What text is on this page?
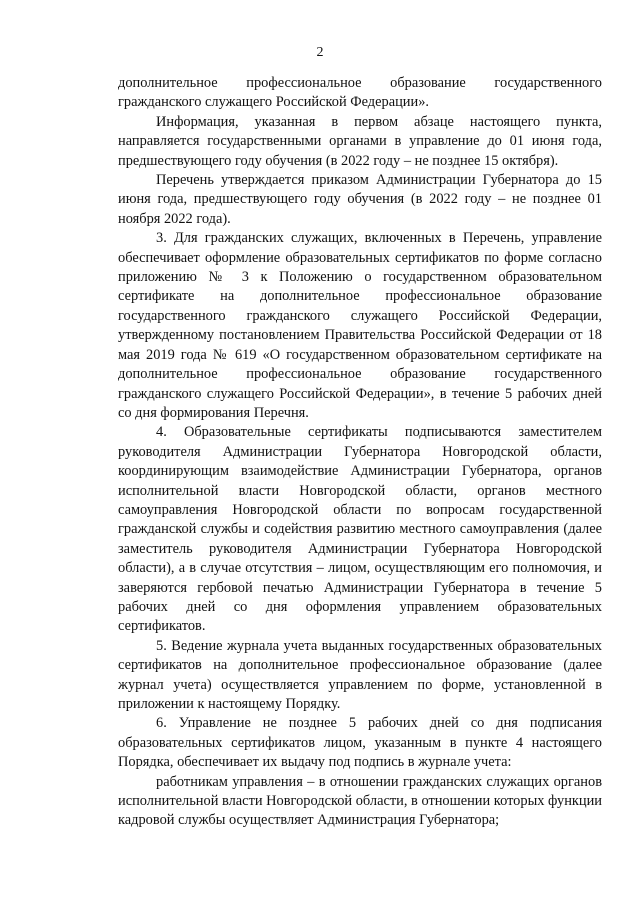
2

дополнительное профессиональное образование государственного гражданского служащего Российской Федерации».

Информация, указанная в первом абзаце настоящего пункта, направляется государственными органами в управление до 01 июня года, предшествующего году обучения (в 2022 году – не позднее 15 октября).

Перечень утверждается приказом Администрации Губернатора до 15 июня года, предшествующего году обучения (в 2022 году – не позднее 01 ноября 2022 года).

3. Для гражданских служащих, включенных в Перечень, управление обеспечивает оформление образовательных сертификатов по форме согласно приложению № 3 к Положению о государственном образовательном сертификате на дополнительное профессиональное образование государственного гражданского служащего Российской Федерации, утвержденному постановлением Правительства Российской Федерации от 18 мая 2019 года № 619 «О государственном образовательном сертификате на дополнительное профессиональное образование государственного гражданского служащего Российской Федерации», в течение 5 рабочих дней со дня формирования Перечня.

4. Образовательные сертификаты подписываются заместителем руководителя Администрации Губернатора Новгородской области, координирующим взаимодействие Администрации Губернатора, органов исполнительной власти Новгородской области, органов местного самоуправления Новгородской области по вопросам государственной гражданской службы и содействия развитию местного самоуправления (далее заместитель руководителя Администрации Губернатора Новгородской области), а в случае отсутствия – лицом, осуществляющим его полномочия, и заверяются гербовой печатью Администрации Губернатора в течение 5 рабочих дней со дня оформления управлением образовательных сертификатов.

5. Ведение журнала учета выданных государственных образовательных сертификатов на дополнительное профессиональное образование (далее журнал учета) осуществляется управлением по форме, установленной в приложении к настоящему Порядку.

6. Управление не позднее 5 рабочих дней со дня подписания образовательных сертификатов лицом, указанным в пункте 4 настоящего Порядка, обеспечивает их выдачу под подпись в журнале учета:

работникам управления – в отношении гражданских служащих органов исполнительной власти Новгородской области, в отношении которых функции кадровой службы осуществляет Администрация Губернатора;
